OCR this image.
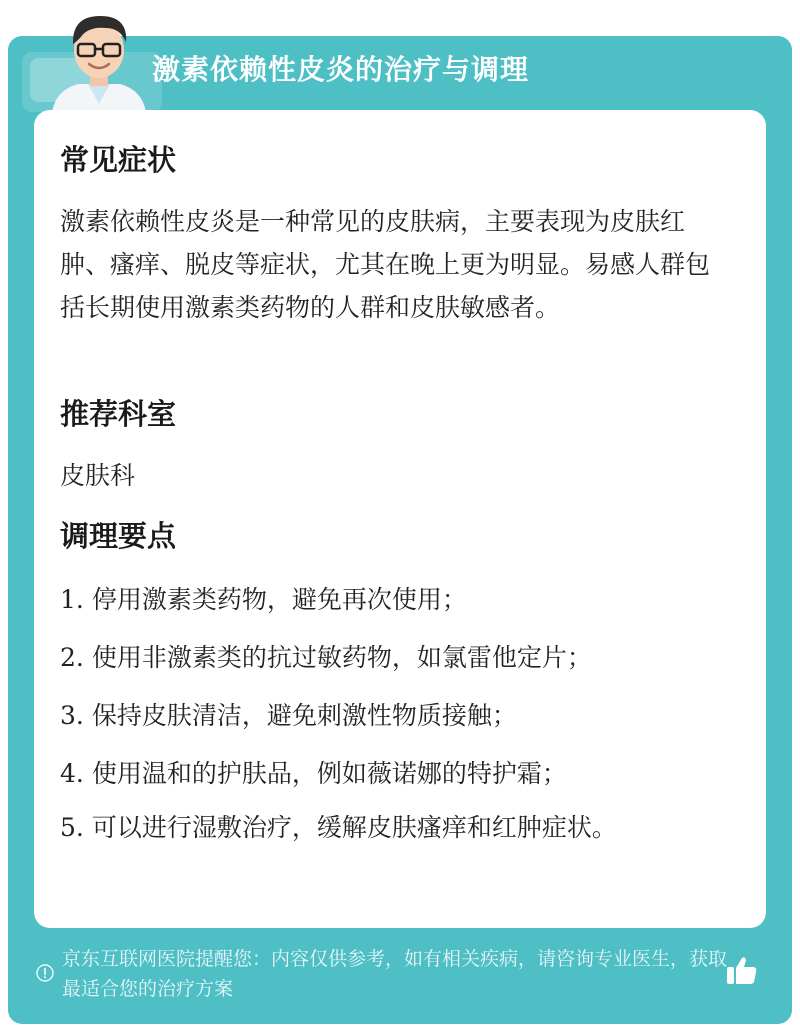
激素依赖性皮炎的治疗与调理
常见症状
激素依赖性皮炎是一种常见的皮肤病，主要表现为皮肤红肿、瘙痒、脱皮等症状，尤其在晚上更为明显。易感人群包括长期使用激素类药物的人群和皮肤敏感者。
推荐科室
皮肤科
调理要点
1. 停用激素类药物，避免再次使用；
2. 使用非激素类的抗过敏药物，如氯雷他定片；
3. 保持皮肤清洁，避免刺激性物质接触；
4. 使用温和的护肤品，例如薇诺娜的特护霜；
5. 可以进行湿敷治疗，缓解皮肤瘙痒和红肿症状。
京东互联网医院提醒您：内容仅供参考，如有相关疾病，请咨询专业医生，获取最适合您的治疗方案
